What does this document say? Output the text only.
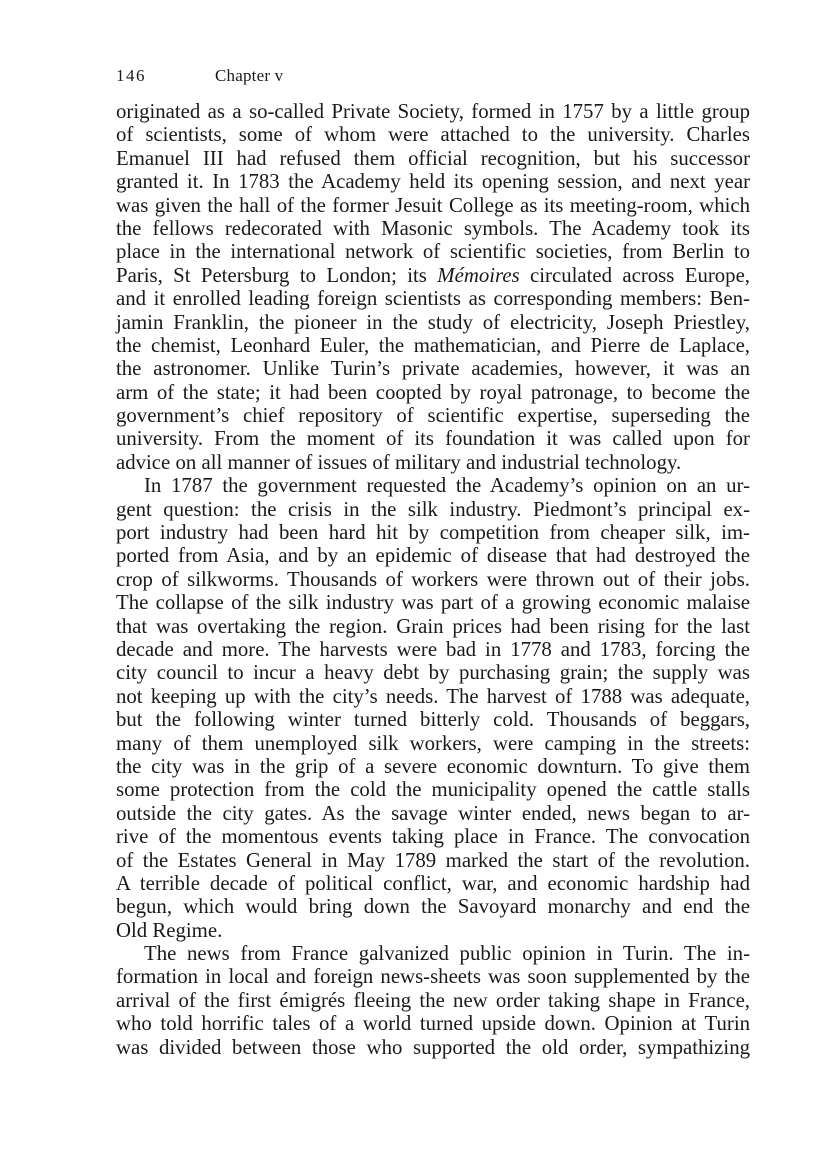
146	Chapter v
originated as a so-called Private Society, formed in 1757 by a little group
of scientists, some of whom were attached to the university. Charles
Emanuel III had refused them official recognition, but his successor
granted it. In 1783 the Academy held its opening session, and next year
was given the hall of the former Jesuit College as its meeting-room, which
the fellows redecorated with Masonic symbols. The Academy took its
place in the international network of scientific societies, from Berlin to
Paris, St Petersburg to London; its Mémoires circulated across Europe,
and it enrolled leading foreign scientists as corresponding members: Ben-
jamin Franklin, the pioneer in the study of electricity, Joseph Priestley,
the chemist, Leonhard Euler, the mathematician, and Pierre de Laplace,
the astronomer. Unlike Turin’s private academies, however, it was an
arm of the state; it had been coopted by royal patronage, to become the
government’s chief repository of scientific expertise, superseding the
university. From the moment of its foundation it was called upon for
advice on all manner of issues of military and industrial technology.
In 1787 the government requested the Academy’s opinion on an ur-
gent question: the crisis in the silk industry. Piedmont’s principal ex-
port industry had been hard hit by competition from cheaper silk, im-
ported from Asia, and by an epidemic of disease that had destroyed the
crop of silkworms. Thousands of workers were thrown out of their jobs.
The collapse of the silk industry was part of a growing economic malaise
that was overtaking the region. Grain prices had been rising for the last
decade and more. The harvests were bad in 1778 and 1783, forcing the
city council to incur a heavy debt by purchasing grain; the supply was
not keeping up with the city’s needs. The harvest of 1788 was adequate,
but the following winter turned bitterly cold. Thousands of beggars,
many of them unemployed silk workers, were camping in the streets:
the city was in the grip of a severe economic downturn. To give them
some protection from the cold the municipality opened the cattle stalls
outside the city gates. As the savage winter ended, news began to ar-
rive of the momentous events taking place in France. The convocation
of the Estates General in May 1789 marked the start of the revolution.
A terrible decade of political conflict, war, and economic hardship had
begun, which would bring down the Savoyard monarchy and end the
Old Regime.
The news from France galvanized public opinion in Turin. The in-
formation in local and foreign news-sheets was soon supplemented by the
arrival of the first émigrés fleeing the new order taking shape in France,
who told horrific tales of a world turned upside down. Opinion at Turin
was divided between those who supported the old order, sympathizing
